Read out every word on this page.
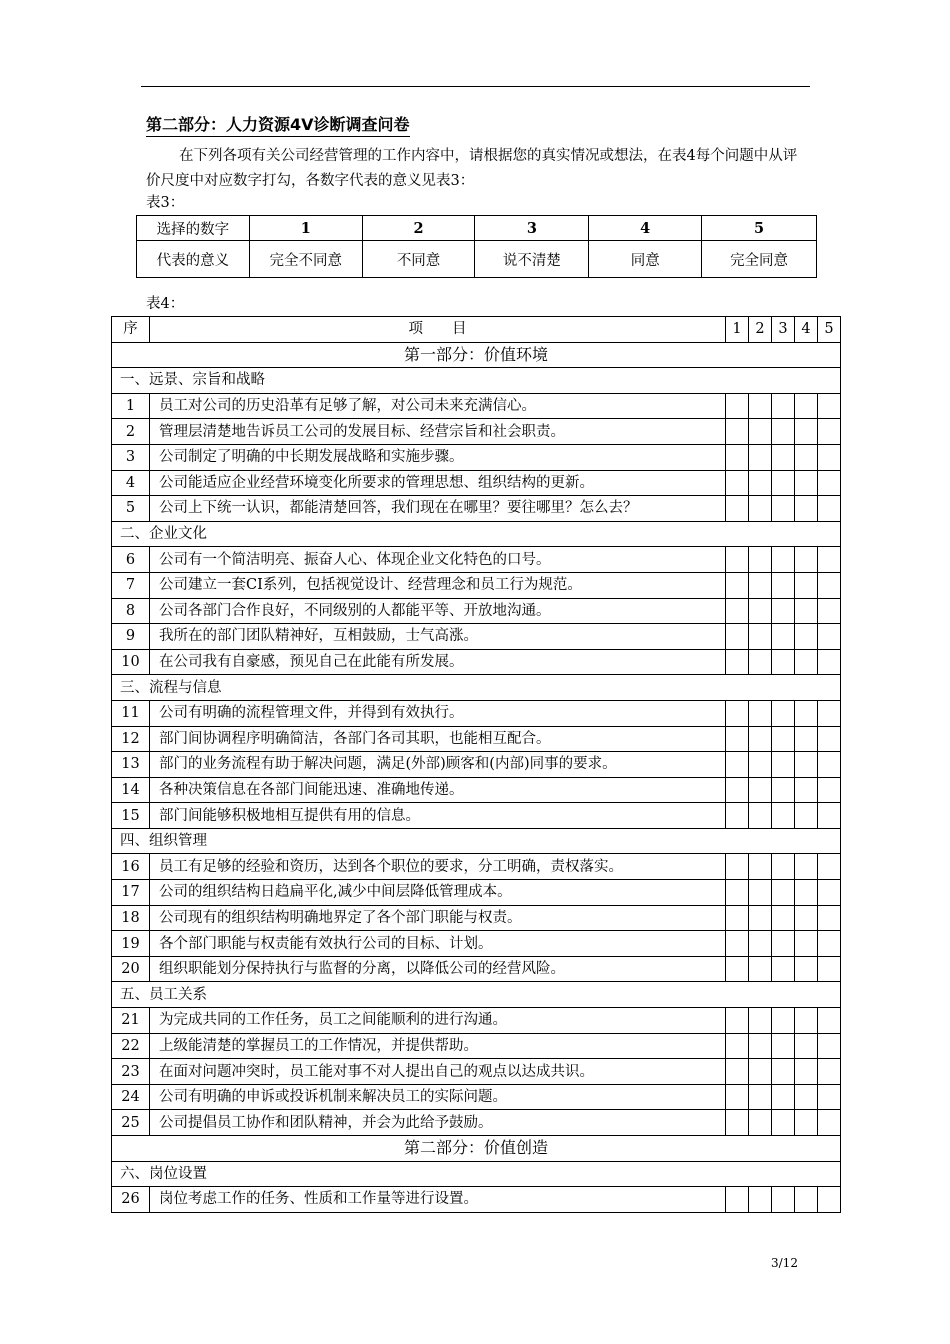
第二部分：人力资源4V诊断调查问卷

在下列各项有关公司经营管理的工作内容中，请根据您的真实情况或想法，在表4每个问题中从评价尺度中对应数字打勾，各数字代表的意义见表3：

表3：
选择的数字	1	2	3	4	5
代表的意义	完全不同意	不同意	说不清楚	同意	完全同意
表4：
序	项　　目	1	2	3	4	5
第一部分：价值环境						
一、远景、宗旨和战略						
1	员工对公司的历史沿革有足够了解，对公司未来充满信心。					
2	管理层清楚地告诉员工公司的发展目标、经营宗旨和社会职责。					
3	公司制定了明确的中长期发展战略和实施步骤。					
4	公司能适应企业经营环境变化所要求的管理思想、组织结构的更新。					
5	公司上下统一认识，都能清楚回答，我们现在在哪里？要往哪里？怎么去？					
二、企业文化						
6	公司有一个简洁明亮、振奋人心、体现企业文化特色的口号。					
7	公司建立一套CI系列，包括视觉设计、经营理念和员工行为规范。					
8	公司各部门合作良好，不同级别的人都能平等、开放地沟通。					
9	我所在的部门团队精神好，互相鼓励，士气高涨。					
10	在公司我有自豪感，预见自己在此能有所发展。					
三、流程与信息						
11	公司有明确的流程管理文件，并得到有效执行。					
12	部门间协调程序明确简洁，各部门各司其职，也能相互配合。					
13	部门的业务流程有助于解决问题，满足(外部)顾客和(内部)同事的要求。					
14	各种决策信息在各部门间能迅速、准确地传递。					
15	部门间能够积极地相互提供有用的信息。					
四、组织管理						
16	员工有足够的经验和资历，达到各个职位的要求，分工明确，责权落实。					
17	公司的组织结构日趋扁平化,减少中间层降低管理成本。					
18	公司现有的组织结构明确地界定了各个部门职能与权责。					
19	各个部门职能与权责能有效执行公司的目标、计划。					
20	组织职能划分保持执行与监督的分离，以降低公司的经营风险。					
五、员工关系						
21	为完成共同的工作任务，员工之间能顺利的进行沟通。					
22	上级能清楚的掌握员工的工作情况，并提供帮助。					
23	在面对问题冲突时，员工能对事不对人提出自己的观点以达成共识。					
24	公司有明确的申诉或投诉机制来解决员工的实际问题。					
25	公司提倡员工协作和团队精神，并会为此给予鼓励。					
第二部分：价值创造						
六、岗位设置						
26	岗位考虑工作的任务、性质和工作量等进行设置。					
3/12
